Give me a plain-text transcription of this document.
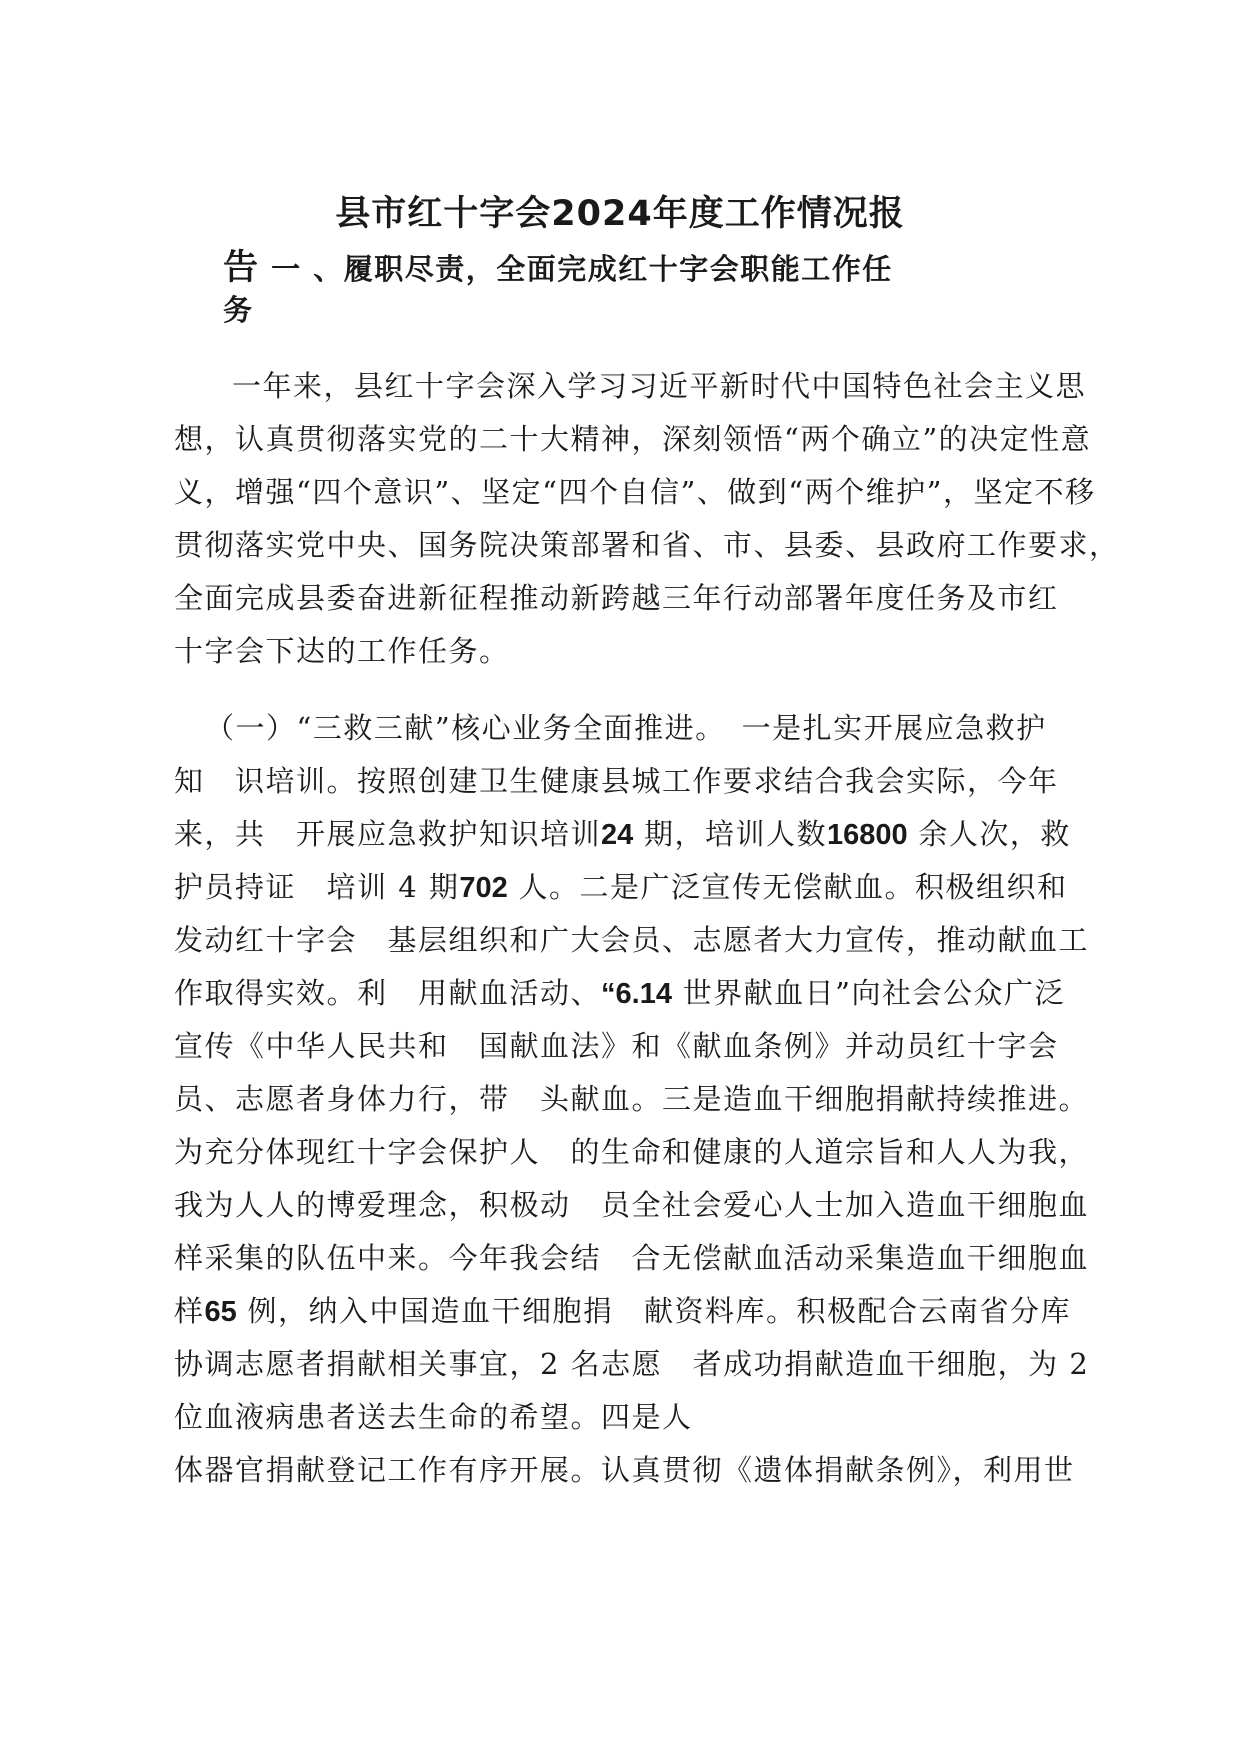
县市红十字会2024年度工作情况报
告 一 、履职尽责，全面完成红十字会职能工作任
务
一年来，县红十字会深入学习习近平新时代中国特色社会主义思
想，认真贯彻落实党的二十大精神，深刻领悟“两个确立”的决定性意
义，增强“四个意识”、坚定“四个自信”、做到“两个维护”，坚定不移
贯彻落实党中央、国务院决策部署和省、市、县委、县政府工作要求，
全面完成县委奋进新征程推动新跨越三年行动部署年度任务及市红
十字会下达的工作任务。
（一）“三救三献”核心业务全面推进。　一是扎实开展应急救护
知　识培训。按照创建卫生健康县城工作要求结合我会实际，今年
来，共　开展应急救护知识培训24 期，培训人数16800 余人次，救
护员持证　培训 4 期702 人。二是广泛宣传无偿献血。积极组织和
发动红十字会　基层组织和广大会员、志愿者大力宣传，推动献血工
作取得实效。利　用献血活动、“6.14 世界献血日”向社会公众广泛
宣传《中华人民共和　国献血法》和《献血条例》并动员红十字会
员、志愿者身体力行，带　头献血。三是造血干细胞捐献持续推进。
为充分体现红十字会保护人　的生命和健康的人道宗旨和人人为我，
我为人人的博爱理念，积极动　员全社会爱心人士加入造血干细胞血
样采集的队伍中来。今年我会结　合无偿献血活动采集造血干细胞血
样65 例，纳入中国造血干细胞捐　献资料库。积极配合云南省分库
协调志愿者捐献相关事宜，2 名志愿　者成功捐献造血干细胞，为 2
位血液病患者送去生命的希望。四是人
体器官捐献登记工作有序开展。认真贯彻《遗体捐献条例》，利用世
